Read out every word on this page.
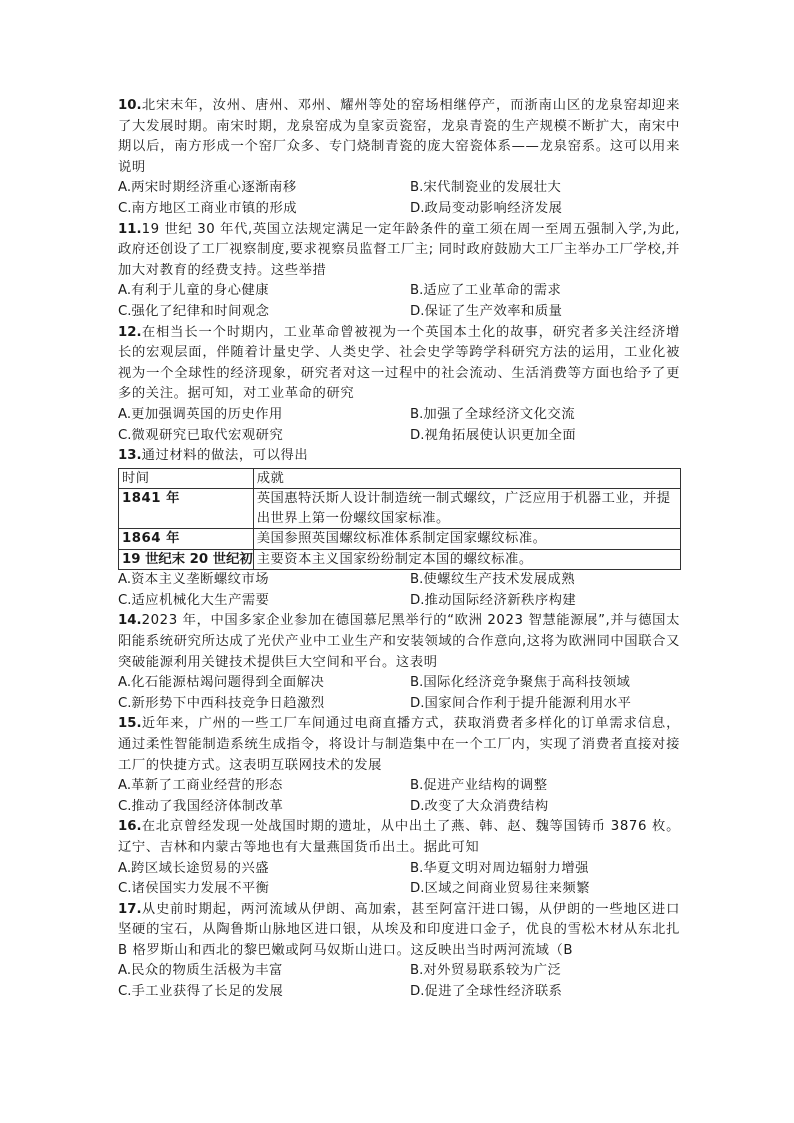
10.北宋末年，汝州、唐州、邓州、耀州等处的窑场相继停产，而浙南山区的龙泉窑却迎来了大发展时期。南宋时期，龙泉窑成为皇家贡瓷窑，龙泉青瓷的生产规模不断扩大，南宋中期以后，南方形成一个窑厂众多、专门烧制青瓷的庞大窑瓷体系——龙泉窑系。这可以用来说明

A.两宋时期经济重心逐渐南移	B.宋代制瓷业的发展壮大
C.南方地区工商业市镇的形成	D.政局变动影响经济发展

11.19 世纪 30 年代,英国立法规定满足一定年龄条件的童工须在周一至周五强制入学,为此,政府还创设了工厂视察制度,要求视察员监督工厂主; 同时政府鼓励大工厂主举办工厂学校,并加大对教育的经费支持。这些举措

A.有利于儿童的身心健康	B.适应了工业革命的需求
C.强化了纪律和时间观念	D.保证了生产效率和质量

12.在相当长一个时期内，工业革命曾被视为一个英国本土化的故事，研究者多关注经济增长的宏观层面，伴随着计量史学、人类史学、社会史学等跨学科研究方法的运用，工业化被视为一个全球性的经济现象，研究者对这一过程中的社会流动、生活消费等方面也给予了更多的关注。据可知，对工业革命的研究

A.更加强调英国的历史作用	B.加强了全球经济文化交流
C.微观研究已取代宏观研究	D.视角拓展使认识更加全面

13.通过材料的做法，可以得出

时间	成就
1841 年	英国惠特沃斯人设计制造统一制式螺纹，广泛应用于机器工业，并提出世界上第一份螺纹国家标准。
1864 年	美国参照英国螺纹标准体系制定国家螺纹标准。
19 世纪末 20 世纪初	主要资本主义国家纷纷制定本国的螺纹标准。
A.资本主义垄断螺纹市场	B.使螺纹生产技术发展成熟
C.适应机械化大生产需要	D.推动国际经济新秩序构建

14.2023 年，中国多家企业参加在德国慕尼黑举行的“欧洲 2023 智慧能源展”,并与德国太阳能系统研究所达成了光伏产业中工业生产和安装领域的合作意向,这将为欧洲同中国联合又突破能源利用关键技术提供巨大空间和平台。这表明

A.化石能源枯竭问题得到全面解决	B.国际化经济竞争聚焦于高科技领域
C.新形势下中西科技竞争日趋激烈	D.国家间合作利于提升能源利用水平

15.近年来，广州的一些工厂车间通过电商直播方式，获取消费者多样化的订单需求信息，通过柔性智能制造系统生成指令，将设计与制造集中在一个工厂内，实现了消费者直接对接工厂的快捷方式。这表明互联网技术的发展

A.革新了工商业经营的形态	B.促进产业结构的调整
C.推动了我国经济体制改革	D.改变了大众消费结构

16.在北京曾经发现一处战国时期的遗址，从中出土了燕、韩、赵、魏等国铸币 3876 枚。辽宁、吉林和内蒙古等地也有大量燕国货币出土。据此可知

A.跨区域长途贸易的兴盛	B.华夏文明对周边辐射力增强
C.诸侯国实力发展不平衡	D.区域之间商业贸易往来频繁

17.从史前时期起，两河流域从伊朗、高加索，甚至阿富汗进口锡，从伊朗的一些地区进口坚硬的宝石，从陶鲁斯山脉地区进口银，从埃及和印度进口金子，优良的雪松木材从东北扎 B 格罗斯山和西北的黎巴嫩或阿马奴斯山进口。这反映出当时两河流域（B

A.民众的物质生活极为丰富	B.对外贸易联系较为广泛
C.手工业获得了长足的发展	D.促进了全球性经济联系
